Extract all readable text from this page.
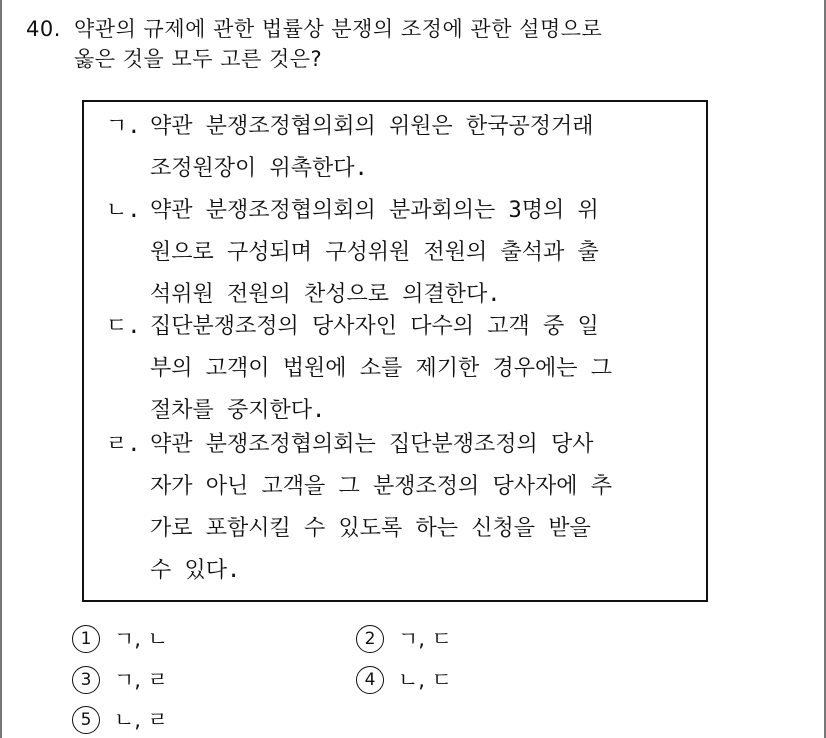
40. 약관의 규제에 관한 법률상 분쟁의 조정에 관한 설명으로
옳은 것을 모두 고른 것은?
ㄱ. 약관 분쟁조정협의회의 위원은 한국공정거래
조정원장이 위촉한다.
ㄴ. 약관 분쟁조정협의회의 분과회의는 3명의 위
원으로 구성되며 구성위원 전원의 출석과 출
석위원 전원의 찬성으로 의결한다.
ㄷ. 집단분쟁조정의 당사자인 다수의 고객 중 일
부의 고객이 법원에 소를 제기한 경우에는 그
절차를 중지한다.
ㄹ. 약관 분쟁조정협의회는 집단분쟁조정의 당사
자가 아닌 고객을 그 분쟁조정의 당사자에 추
가로 포함시킬 수 있도록 하는 신청을 받을
수 있다.
1 ㄱ, ㄴ	2 ㄱ, ㄷ
3 ㄱ, ㄹ	4 ㄴ, ㄷ
5 ㄴ, ㄹ
